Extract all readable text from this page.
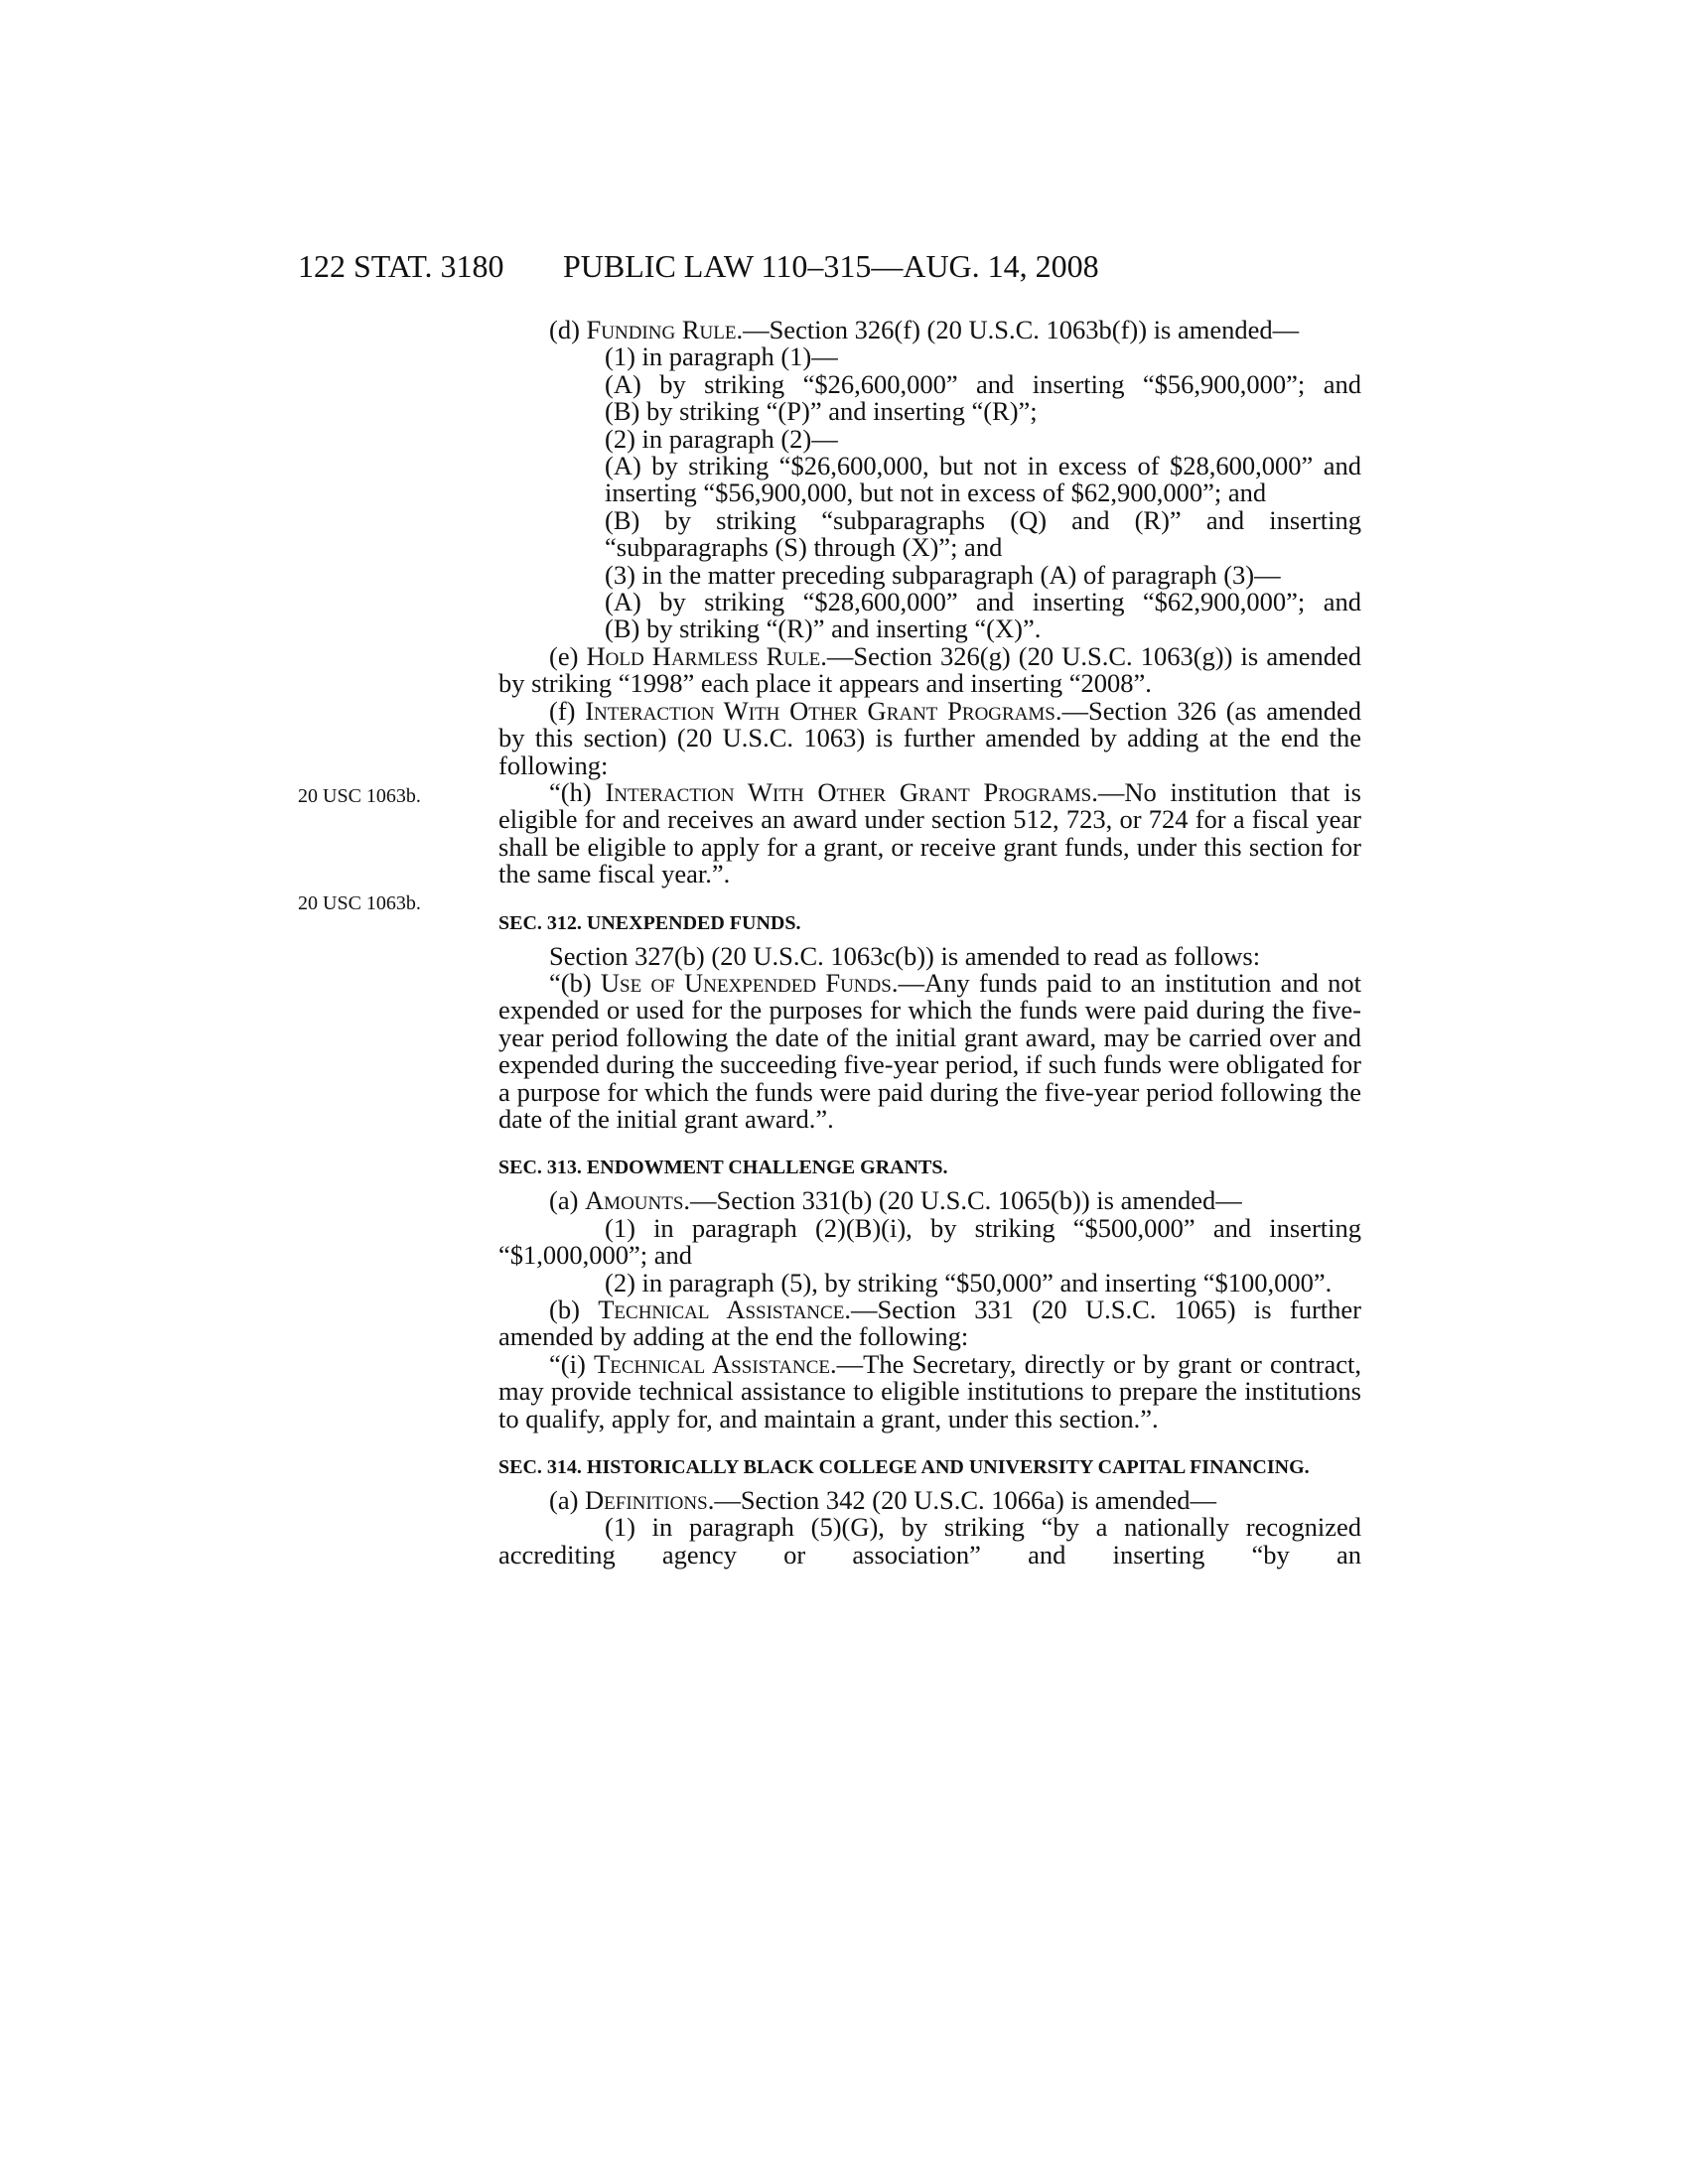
122 STAT. 3180 PUBLIC LAW 110–315—AUG. 14, 2008
20 USC 1063b.
20 USC 1063b.

(d) Funding Rule.—Section 326(f) (20 U.S.C. 1063b(f)) is amended—

(1) in paragraph (1)—

(A) by striking “$26,600,000” and inserting “$56,900,000”; and

(B) by striking “(P)” and inserting “(R)”;

(2) in paragraph (2)—

(A) by striking “$26,600,000, but not in excess of $28,600,000” and inserting “$56,900,000, but not in excess of $62,900,000”; and

(B) by striking “subparagraphs (Q) and (R)” and inserting “subparagraphs (S) through (X)”; and

(3) in the matter preceding subparagraph (A) of paragraph (3)—

(A) by striking “$28,600,000” and inserting “$62,900,000”; and

(B) by striking “(R)” and inserting “(X)”.

(e) Hold Harmless Rule.—Section 326(g) (20 U.S.C. 1063(g)) is amended by striking “1998” each place it appears and inserting “2008”.

(f) Interaction With Other Grant Programs.—Section 326 (as amended by this section) (20 U.S.C. 1063) is further amended by adding at the end the following:

“(h) Interaction With Other Grant Programs.—No institution that is eligible for and receives an award under section 512, 723, or 724 for a fiscal year shall be eligible to apply for a grant, or receive grant funds, under this section for the same fiscal year.”.

SEC. 312. UNEXPENDED FUNDS.

Section 327(b) (20 U.S.C. 1063c(b)) is amended to read as follows:

“(b) Use of Unexpended Funds.—Any funds paid to an institution and not expended or used for the purposes for which the funds were paid during the five-year period following the date of the initial grant award, may be carried over and expended during the succeeding five-year period, if such funds were obligated for a purpose for which the funds were paid during the five-year period following the date of the initial grant award.”.

SEC. 313. ENDOWMENT CHALLENGE GRANTS.

(a) Amounts.—Section 331(b) (20 U.S.C. 1065(b)) is amended—

(1) in paragraph (2)(B)(i), by striking “$500,000” and inserting “$1,000,000”; and

(2) in paragraph (5), by striking “$50,000” and inserting “$100,000”.

(b) Technical Assistance.—Section 331 (20 U.S.C. 1065) is further amended by adding at the end the following:

“(i) Technical Assistance.—The Secretary, directly or by grant or contract, may provide technical assistance to eligible institutions to prepare the institutions to qualify, apply for, and maintain a grant, under this section.”.

SEC. 314. HISTORICALLY BLACK COLLEGE AND UNIVERSITY CAPITAL FINANCING.

(a) Definitions.—Section 342 (20 U.S.C. 1066a) is amended—

(1) in paragraph (5)(G), by striking “by a nationally recognized accrediting agency or association” and inserting “by an
